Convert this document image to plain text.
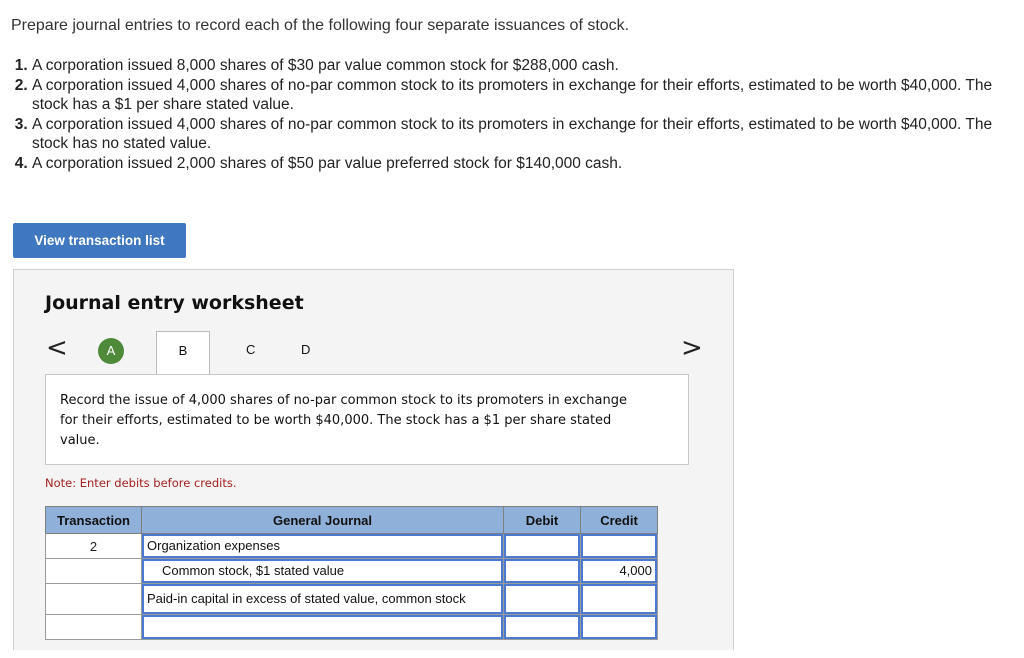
Prepare journal entries to record each of the following four separate issuances of stock.
1. A corporation issued 8,000 shares of $30 par value common stock for $288,000 cash.
2. A corporation issued 4,000 shares of no-par common stock to its promoters in exchange for their efforts, estimated to be worth $40,000. The stock has a $1 per share stated value.
3. A corporation issued 4,000 shares of no-par common stock to its promoters in exchange for their efforts, estimated to be worth $40,000. The stock has no stated value.
4. A corporation issued 2,000 shares of $50 par value preferred stock for $140,000 cash.
View transaction list
Journal entry worksheet
<	A	B	C	D	>
Record the issue of 4,000 shares of no-par common stock to its promoters in exchange for their efforts, estimated to be worth $40,000. The stock has a $1 per share stated value.
Note: Enter debits before credits.
Transaction	General Journal	Debit	Credit
2	Organization expenses		

	Common stock, $1 stated value		4,000

	Paid-in capital in excess of stated value, common stock		
